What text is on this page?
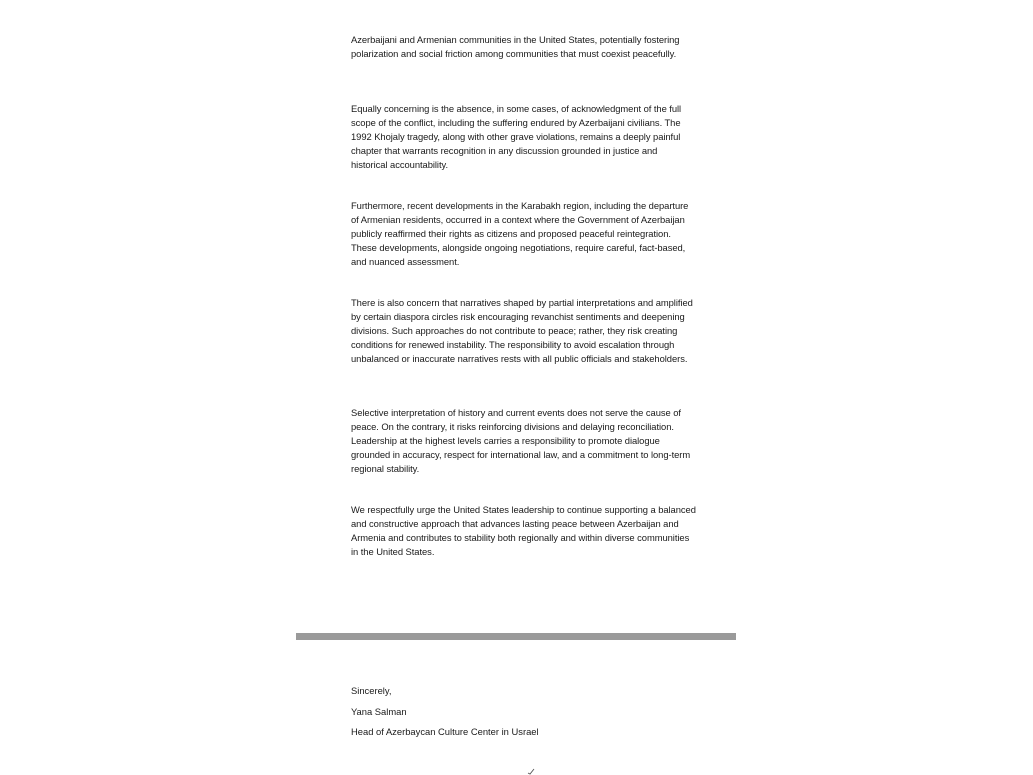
Azerbaijani and Armenian communities in the United States, potentially fostering polarization and social friction among communities that must coexist peacefully.

Equally concerning is the absence, in some cases, of acknowledgment of the full scope of the conflict, including the suffering endured by Azerbaijani civilians. The 1992 Khojaly tragedy, along with other grave violations, remains a deeply painful chapter that warrants recognition in any discussion grounded in justice and historical accountability.

Furthermore, recent developments in the Karabakh region, including the departure of Armenian residents, occurred in a context where the Government of Azerbaijan publicly reaffirmed their rights as citizens and proposed peaceful reintegration. These developments, alongside ongoing negotiations, require careful, fact-based, and nuanced assessment.

There is also concern that narratives shaped by partial interpretations and amplified by certain diaspora circles risk encouraging revanchist sentiments and deepening divisions. Such approaches do not contribute to peace; rather, they risk creating conditions for renewed instability. The responsibility to avoid escalation through unbalanced or inaccurate narratives rests with all public officials and stakeholders.

Selective interpretation of history and current events does not serve the cause of peace. On the contrary, it risks reinforcing divisions and delaying reconciliation. Leadership at the highest levels carries a responsibility to promote dialogue grounded in accuracy, respect for international law, and a commitment to long-term regional stability.

We respectfully urge the United States leadership to continue supporting a balanced and constructive approach that advances lasting peace between Azerbaijan and Armenia and contributes to stability both regionally and within diverse communities in the United States.

Sincerely,

Yana Salman

Head of Azerbaycan Culture Center in Usrael
